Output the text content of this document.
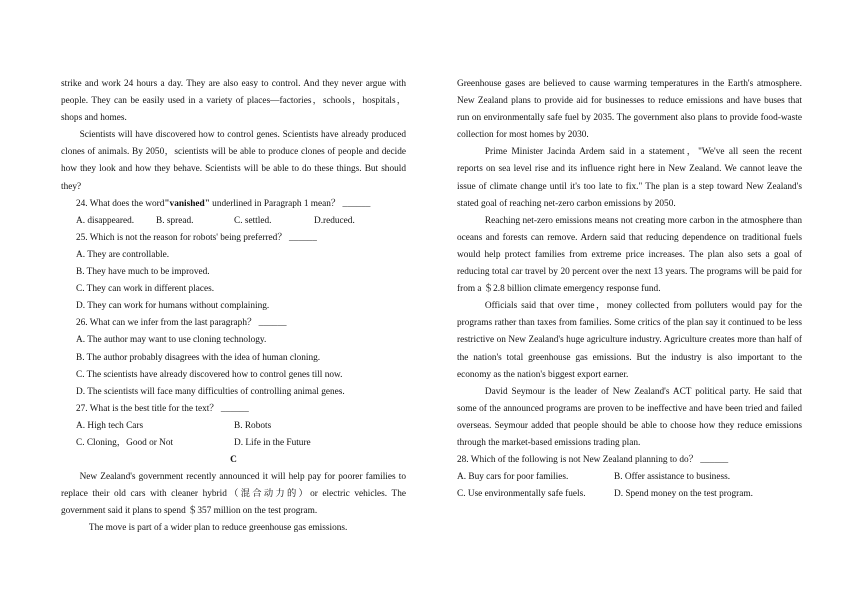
strike and work 24 hours a day. They are also easy to control. And they never argue with people. They can be easily used in a variety of places—factories，schools，hospitals，shops and homes.

Scientists will have discovered how to control genes. Scientists have already produced clones of animals. By 2050，scientists will be able to produce clones of people and decide how they look and how they behave. Scientists will be able to do these things. But should they?

24. What does the word"vanished" underlined in Paragraph 1 mean？ ______

A. disappeared.	B. spread.	C. settled.	D.reduced.

25. Which is not the reason for robots' being preferred？ ______

A. They are controllable.

B. They have much to be improved.

C. They can work in different places.

D. They can work for humans without complaining.

26. What can we infer from the last paragraph？ ______

A. The author may want to use cloning technology.

B. The author probably disagrees with the idea of human cloning.

C. The scientists have already discovered how to control genes till now.

D. The scientists will face many difficulties of controlling animal genes.

27. What is the best title for the text？ ______

A. High tech Cars	B. Robots
C. Cloning，Good or Not	D. Life in the Future

C

New Zealand's government recently announced it will help pay for poorer families to replace their old cars with cleaner hybrid（混合动力的）or electric vehicles. The government said it plans to spend ＄357 million on the test program.

The move is part of a wider plan to reduce greenhouse gas emissions.

Greenhouse gases are believed to cause warming temperatures in the Earth's atmosphere. New Zealand plans to provide aid for businesses to reduce emissions and have buses that run on environmentally safe fuel by 2035. The government also plans to provide food-waste collection for most homes by 2030.

Prime Minister Jacinda Ardem said in a statement，"We've all seen the recent reports on sea level rise and its influence right here in New Zealand. We cannot leave the issue of climate change until it's too late to fix." The plan is a step toward New Zealand's stated goal of reaching net-zero carbon emissions by 2050.

Reaching net-zero emissions means not creating more carbon in the atmosphere than oceans and forests can remove. Ardern said that reducing dependence on traditional fuels would help protect families from extreme price increases. The plan also sets a goal of reducing total car travel by 20 percent over the next 13 years. The programs will be paid for from a ＄2.8 billion climate emergency response fund.

Officials said that over time，money collected from polluters would pay for the programs rather than taxes from families. Some critics of the plan say it continued to be less restrictive on New Zealand's huge agriculture industry. Agriculture creates more than half of the nation's total greenhouse gas emissions. But the industry is also important to the economy as the nation's biggest export earner.

David Seymour is the leader of New Zealand's ACT political party. He said that some of the announced programs are proven to be ineffective and have been tried and failed overseas. Seymour added that people should be able to choose how they reduce emissions through the market-based emissions trading plan.

28. Which of the following is not New Zealand planning to do？ ______

A. Buy cars for poor families.	B. Offer assistance to business.
C. Use environmentally safe fuels.	D. Spend money on the test program.
